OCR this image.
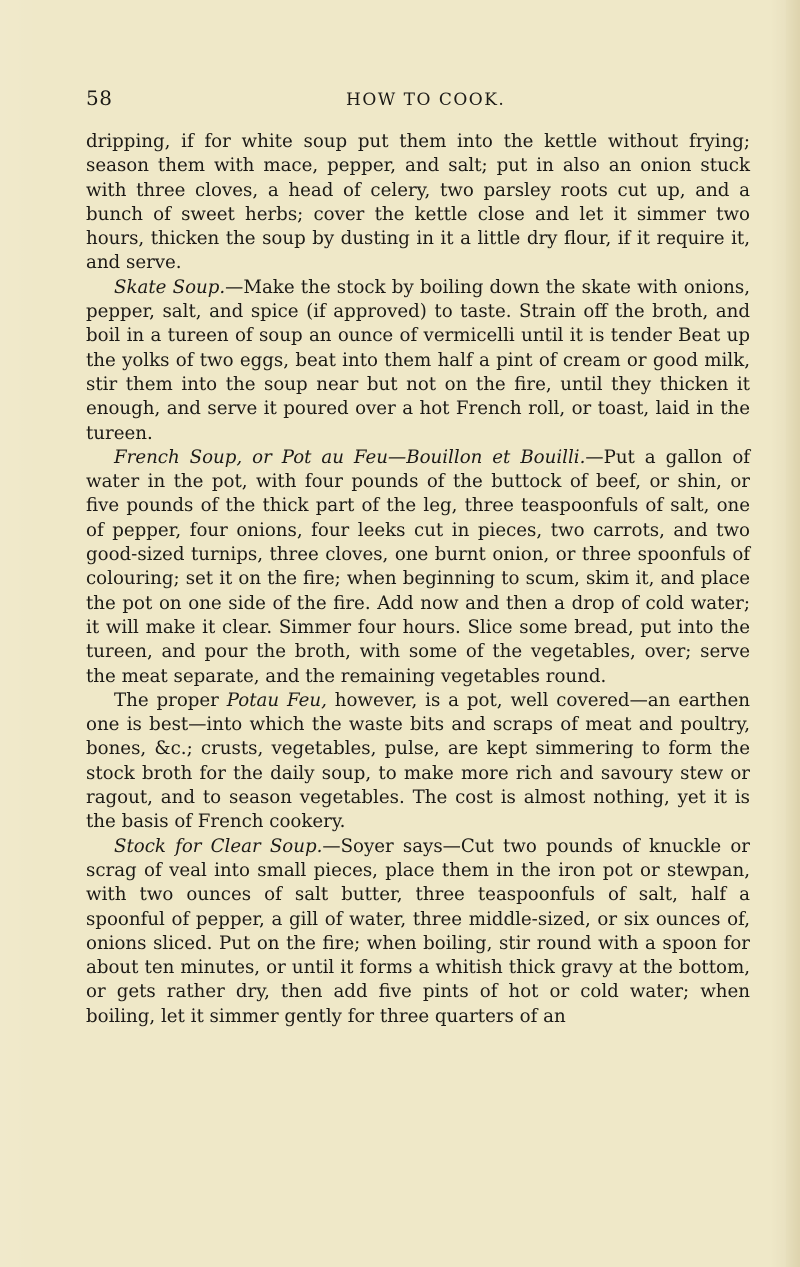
58	HOW TO COOK.

dripping, if for white soup put them into the kettle without frying; season them with mace, pepper, and salt; put in also an onion stuck with three cloves, a head of celery, two parsley roots cut up, and a bunch of sweet herbs; cover the kettle close and let it simmer two hours, thicken the soup by dusting in it a little dry flour, if it require it, and serve.

Skate Soup.—Make the stock by boiling down the skate with onions, pepper, salt, and spice (if approved) to taste. Strain off the broth, and boil in a tureen of soup an ounce of vermicelli until it is tender Beat up the yolks of two eggs, beat into them half a pint of cream or good milk, stir them into the soup near but not on the fire, until they thicken it enough, and serve it poured over a hot French roll, or toast, laid in the tureen.

French Soup, or Pot au Feu—Bouillon et Bouilli.—Put a gallon of water in the pot, with four pounds of the buttock of beef, or shin, or five pounds of the thick part of the leg, three teaspoonfuls of salt, one of pepper, four onions, four leeks cut in pieces, two carrots, and two good-sized turnips, three cloves, one burnt onion, or three spoonfuls of colouring; set it on the fire; when beginning to scum, skim it, and place the pot on one side of the fire. Add now and then a drop of cold water; it will make it clear. Simmer four hours. Slice some bread, put into the tureen, and pour the broth, with some of the vegetables, over; serve the meat separate, and the remaining vegetables round.

The proper Potau Feu, however, is a pot, well covered—an earthen one is best—into which the waste bits and scraps of meat and poultry, bones, &c.; crusts, vegetables, pulse, are kept simmering to form the stock broth for the daily soup, to make more rich and savoury stew or ragout, and to season vegetables. The cost is almost nothing, yet it is the basis of French cookery.

Stock for Clear Soup.—Soyer says—Cut two pounds of knuckle or scrag of veal into small pieces, place them in the iron pot or stewpan, with two ounces of salt butter, three teaspoonfuls of salt, half a spoonful of pepper, a gill of water, three middle-sized, or six ounces of, onions sliced. Put on the fire; when boiling, stir round with a spoon for about ten minutes, or until it forms a whitish thick gravy at the bottom, or gets rather dry, then add five pints of hot or cold water; when boiling, let it simmer gently for three quarters of an
